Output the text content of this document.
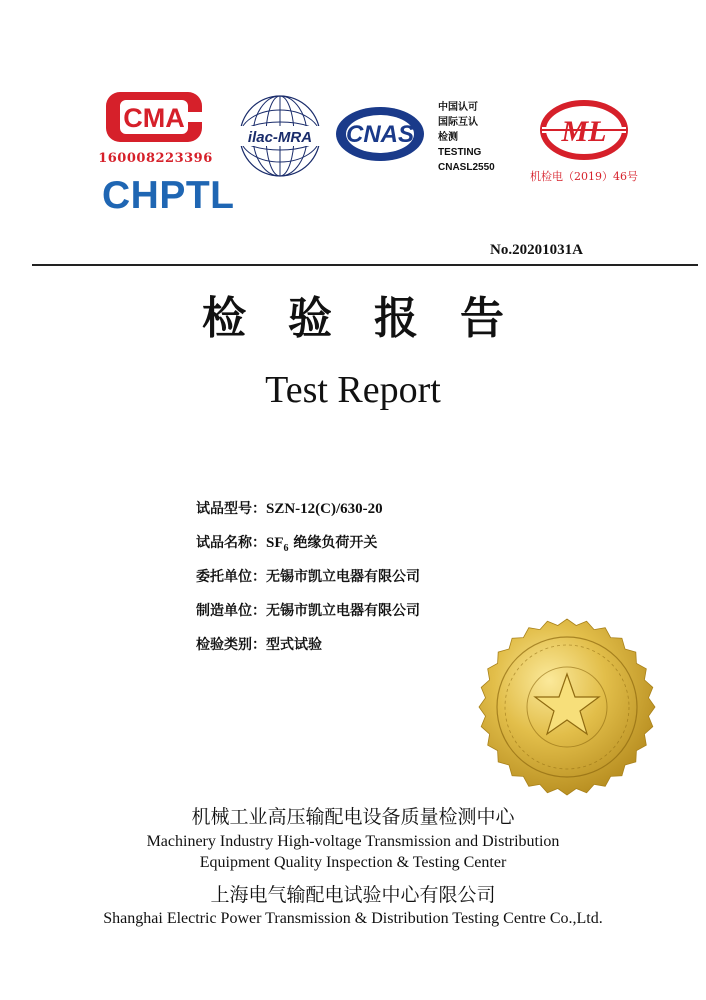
CMA
160008223396
CHPTL
ilac-MRA CNAS
中国认可
国际互认
检测
TESTING
CNASL2550
ML
机检电（2019）46号
No.20201031A
检验报告
Test Report
试品型号：SZN-12(C)/630-20
试品名称：$SF_6$ 绝缘负荷开关
委托单位：无锡市凯立电器有限公司
制造单位：无锡市凯立电器有限公司
检验类别：型式试验
机械工业高压输配电设备质量检测中心
Machinery Industry High-voltage Transmission and Distribution
Equipment Quality Inspection & Testing Center
上海电气输配电试验中心有限公司
Shanghai Electric Power Transmission & Distribution Testing Centre Co.,Ltd.
